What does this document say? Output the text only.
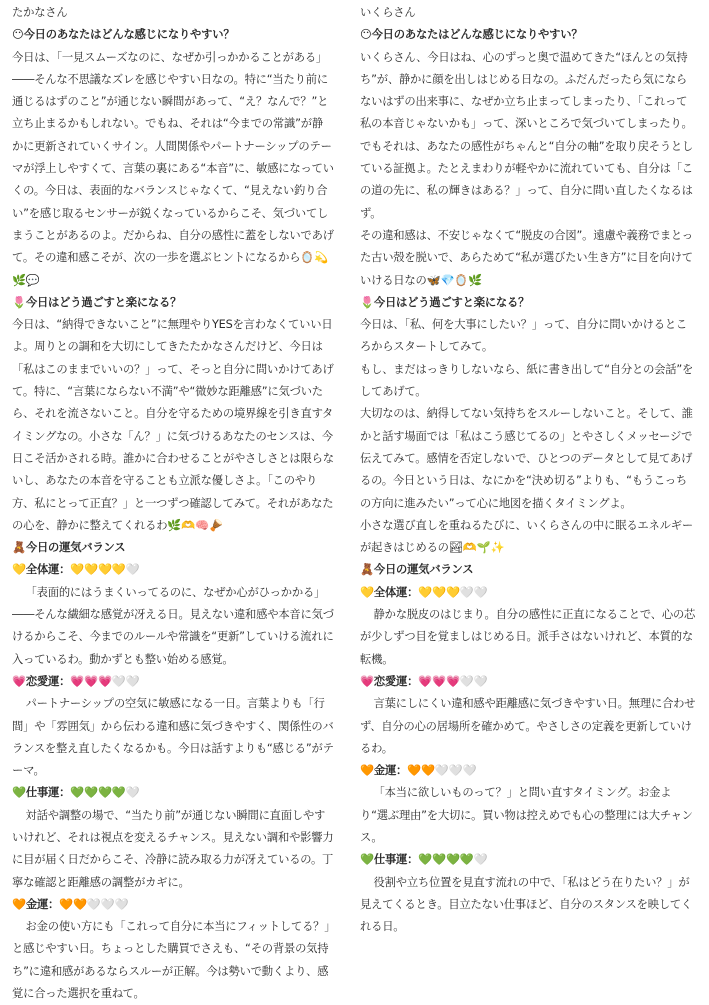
たかなさん

😶今日のあなたはどんな感じになりやすい？

今日は、「一見スムーズなのに、なぜか引っかかることがある」――そんな不思議なズレを感じやすい日なの。特に“当たり前に通じるはずのこと”が通じない瞬間があって、“え？なんで？”と立ち止まるかもしれない。でもね、それは“今までの常識”が静かに更新されていくサイン。人間関係やパートナーシップのテーマが浮上しやすくて、言葉の裏にある“本音”に、敏感になっていくの。今日は、表面的なバランスじゃなくて、“見えない釣り合い”を感じ取るセンサーが鋭くなっているからこそ、気づいてしまうことがあるのよ。だからね、自分の感性に蓋をしないであげて。その違和感こそが、次の一歩を選ぶヒントになるから🪞💫🌿💬

🌷今日はどう過ごすと楽になる？

今日は、“納得できないこと”に無理やりYESを言わなくていい日よ。周りとの調和を大切にしてきたたかなさんだけど、今日は「私はこのままでいいの？」って、そっと自分に問いかけてあげて。特に、“言葉にならない不満”や“微妙な距離感”に気づいたら、それを流さないこと。自分を守るための境界線を引き直すタイミングなの。小さな「ん？」に気づけるあなたのセンスは、今日こそ活かされる時。誰かに合わせることがやさしさとは限らないし、あなたの本音を守ることも立派な優しさよ。「このやり方、私にとって正直？」と一つずつ確認してみて。それがあなたの心を、静かに整えてくれるわ🌿🫶🧠🪘

🧸今日の運気バランス

💛全体運：💛💛💛💛🤍

「表面的にはうまくいってるのに、なぜか心がひっかかる」――そんな繊細な感覚が冴える日。見えない違和感や本音に気づけるからこそ、今までのルールや常識を“更新”していける流れに入っているわ。動かずとも整い始める感覚。

💗恋愛運：💗💗💗🤍🤍

パートナーシップの空気に敏感になる一日。言葉よりも「行間」や「雰囲気」から伝わる違和感に気づきやすく、関係性のバランスを整え直したくなるかも。今日は話すよりも“感じる”がテーマ。

💚仕事運：💚💚💚💚🤍

対話や調整の場で、“当たり前”が通じない瞬間に直面しやすいけれど、それは視点を変えるチャンス。見えない調和や影響力に目が届く日だからこそ、冷静に読み取る力が冴えているの。丁寧な確認と距離感の調整がカギに。

🧡金運：🧡🧡🤍🤍🤍

お金の使い方にも「これって自分に本当にフィットしてる？」と感じやすい日。ちょっとした購買でさえも、“その背景の気持ち”に違和感があるならスルーが正解。今は勢いで動くより、感覚に合った選択を重ねて。

いくらさん

😶今日のあなたはどんな感じになりやすい？

いくらさん、今日はね、心のずっと奥で温めてきた“ほんとの気持ち”が、静かに顔を出しはじめる日なの。ふだんだったら気にならないはずの出来事に、なぜか立ち止まってしまったり、「これって私の本音じゃないかも」って、深いところで気づいてしまったり。でもそれは、あなたの感性がちゃんと“自分の軸”を取り戻そうとしている証拠よ。たとえまわりが軽やかに流れていても、自分は「この道の先に、私の輝きはある？」って、自分に問い直したくなるはず。

その違和感は、不安じゃなくて“脱皮の合図”。遠慮や義務でまとった古い殻を脱いで、あらためて“私が選びたい生き方”に目を向けていける日なの🦋💎🪞🌿

🌷今日はどう過ごすと楽になる？

今日は、「私、何を大事にしたい？」って、自分に問いかけるところからスタートしてみて。

もし、まだはっきりしないなら、紙に書き出して“自分との会話”をしてあげて。

大切なのは、納得してない気持ちをスルーしないこと。そして、誰かと話す場面では「私はこう感じてるの」とやさしくメッセージで伝えてみて。感情を否定しないで、ひとつのデータとして見てあげるの。今日という日は、なにかを“決め切る”よりも、“もうこっちの方向に進みたい”って心に地図を描くタイミングよ。

小さな選び直しを重ねるたびに、いくらさんの中に眠るエネルギーが起きはじめるの🏞🫶🌱✨

🧸今日の運気バランス

💛全体運：💛💛💛🤍🤍

静かな脱皮のはじまり。自分の感性に正直になることで、心の芯が少しずつ目を覚ましはじめる日。派手さはないけれど、本質的な転機。

💗恋愛運：💗💗💗🤍🤍

言葉にしにくい違和感や距離感に気づきやすい日。無理に合わせず、自分の心の居場所を確かめて。やさしさの定義を更新していけるわ。

🧡金運：🧡🧡🤍🤍🤍

「本当に欲しいものって？」と問い直すタイミング。お金より“選ぶ理由”を大切に。買い物は控えめでも心の整理には大チャンス。

💚仕事運：💚💚💚💚🤍

役割や立ち位置を見直す流れの中で、「私はどう在りたい？」が見えてくるとき。目立たない仕事ほど、自分のスタンスを映してくれる日。
